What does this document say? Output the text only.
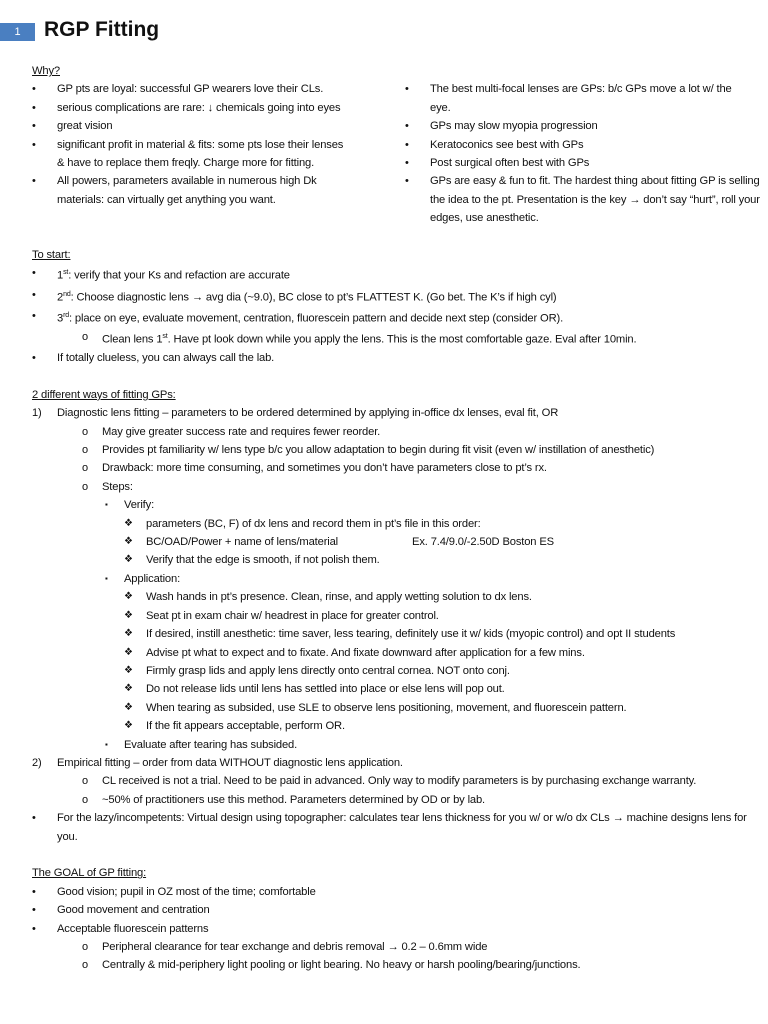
1	RGP Fitting
Why?
• GP pts are loyal: successful GP wearers love their CLs.
• serious complications are rare: ↓ chemicals going into eyes
• great vision
• significant profit in material & fits: some pts lose their lenses & have to replace them freqly. Charge more for fitting.
• All powers, parameters available in numerous high Dk materials: can virtually get anything you want.
• The best multi-focal lenses are GPs: b/c GPs move a lot w/ the eye.
• GPs may slow myopia progression
• Keratoconics see best with GPs
• Post surgical often best with GPs
• GPs are easy & fun to fit. The hardest thing about fitting GP is selling the idea to the pt. Presentation is the key → don’t say “hurt”, roll your edges, use anesthetic.
To start:
• 1st: verify that your Ks and refaction are accurate
• 2nd: Choose diagnostic lens → avg dia (~9.0), BC close to pt’s FLATTEST K. (Go bet. The K’s if high cyl)
• 3rd: place on eye, evaluate movement, centration, fluorescein pattern and decide next step (consider OR).
o Clean lens 1st. Have pt look down while you apply the lens. This is the most comfortable gaze. Eval after 10min.
• If totally clueless, you can always call the lab.
2 different ways of fitting GPs:
1) Diagnostic lens fitting – parameters to be ordered determined by applying in-office dx lenses, eval fit, OR
o May give greater success rate and requires fewer reorder.
o Provides pt familiarity w/ lens type b/c you allow adaptation to begin during fit visit (even w/ instillation of anesthetic)
o Drawback: more time consuming, and sometimes you don’t have parameters close to pt’s rx.
o Steps:
▪ Verify:
❖ parameters (BC, F) of dx lens and record them in pt’s file in this order:
❖ BC/OAD/Power + name of lens/material	Ex. 7.4/9.0/-2.50D Boston ES
❖ Verify that the edge is smooth, if not polish them.
▪ Application:
❖ Wash hands in pt’s presence. Clean, rinse, and apply wetting solution to dx lens.
❖ Seat pt in exam chair w/ headrest in place for greater control.
❖ If desired, instill anesthetic: time saver, less tearing, definitely use it w/ kids (myopic control) and opt II students
❖ Advise pt what to expect and to fixate. And fixate downward after application for a few mins.
❖ Firmly grasp lids and apply lens directly onto central cornea. NOT onto conj.
❖ Do not release lids until lens has settled into place or else lens will pop out.
❖ When tearing as subsided, use SLE to observe lens positioning, movement, and fluorescein pattern.
❖ If the fit appears acceptable, perform OR.
▪ Evaluate after tearing has subsided.
2) Empirical fitting – order from data WITHOUT diagnostic lens application.
o CL received is not a trial. Need to be paid in advanced. Only way to modify parameters is by purchasing exchange warranty.
o ~50% of practitioners use this method. Parameters determined by OD or by lab.
• For the lazy/incompetents: Virtual design using topographer: calculates tear lens thickness for you w/ or w/o dx CLs → machine designs lens for you.
The GOAL of GP fitting:
• Good vision; pupil in OZ most of the time; comfortable
• Good movement and centration
• Acceptable fluorescein patterns
o Peripheral clearance for tear exchange and debris removal → 0.2 – 0.6mm wide
o Centrally & mid-periphery light pooling or light bearing. No heavy or harsh pooling/bearing/junctions.
